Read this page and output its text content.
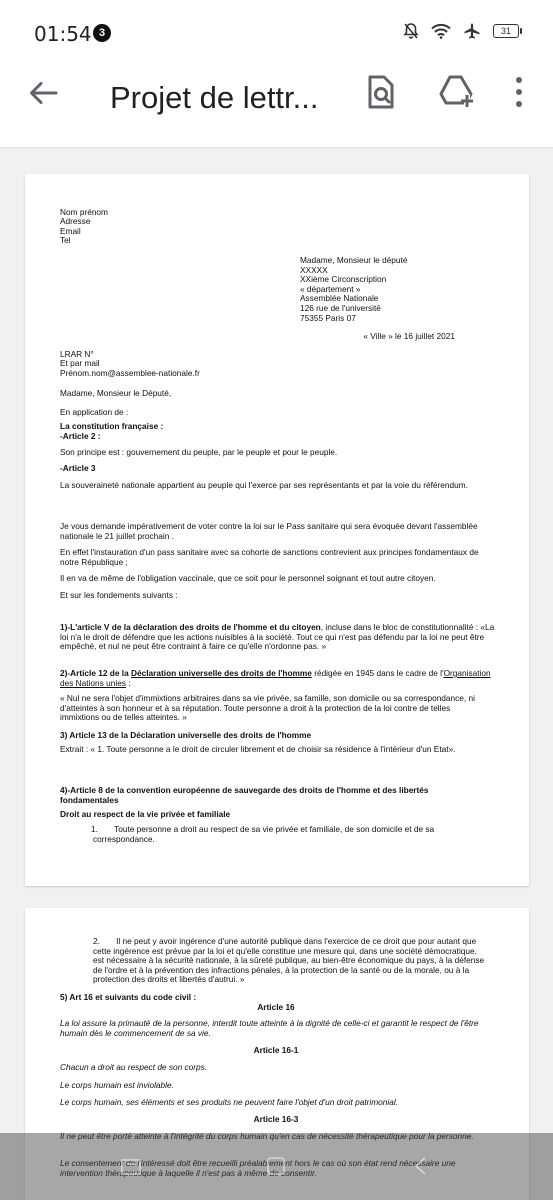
01:54 3	31
Projet de lettr...

Nom prénom

Adresse

Email

Tel

Madame, Monsieur le député

XXXXX

XXième Circonscription

« département »

Assemblée Nationale

126 rue de l'université

75355 Paris 07

« Ville » le 16 juillet 2021

LRAR N°

Et par mail

Prénom.nom@assemblee-nationale.fr

Madame, Monsieur le Député,
En application de :
La constitution française :
-Article 2 :
Son principe est : gouvernement du peuple, par le peuple et pour le peuple.
-Article 3
La souveraineté nationale appartient au peuple qui l'exerce par ses représentants et par la voie du référendum.
Je vous demande impérativement de voter contre la loi sur le Pass sanitaire qui sera évoquée devant l'assemblée nationale le 21 juillet prochain .
En effet l'instauration d'un pass sanitaire avec sa cohorte de sanctions contrevient aux principes fondamentaux de notre République ;
Il en va de même de l'obligation vaccinale, que ce soit pour le personnel soignant et tout autre citoyen.
Et sur les fondements suivants :
1)-L'article V de la déclaration des droits de l'homme et du citoyen, incluse dans le bloc de constitutionnalité : «La loi n'a le droit de défendre que les actions nuisibles à la société. Tout ce qui n'est pas défendu par la loi ne peut être empêché, et nul ne peut être contraint à faire ce qu'elle n'ordonne pas. »
2)-Article 12 de la Déclaration universelle des droits de l'homme rédigée en 1945 dans le cadre de l'Organisation des Nations unies :
« Nul ne sera l'objet d'immixtions arbitraires dans sa vie privée, sa famille, son domicile ou sa correspondance, ni d'atteintes à son honneur et à sa réputation. Toute personne a droit à la protection de la loi contre de telles immixtions ou de telles atteintes. »
3) Article 13 de la Déclaration universelle des droits de l'homme
Extrait : « 1. Toute personne a le droit de circuler librement et de choisir sa résidence à l'intérieur d'un Etat».
4)-Article 8 de la convention européenne de sauvegarde des droits de l'homme et des libertés fondamentales
Droit au respect de la vie privée et familiale
1. Toute personne a droit au respect de sa vie privée et familiale, de son domicile et de sa correspondance.
2. Il ne peut y avoir ingérence d'une autorité publique dans l'exercice de ce droit que pour autant que cette ingérence est prévue par la loi et qu'elle constitue une mesure qui, dans une société démocratique, est nécessaire à la sécurité nationale, à la sûreté publique, au bien-être économique du pays, à la défense de l'ordre et à la prévention des infractions pénales, à la protection de la santé ou de la morale, ou à la protection des droits et libertés d'autrui. »
5) Art 16 et suivants du code civil :
Article 16
La loi assure la primauté de la personne, interdit toute atteinte à la dignité de celle-ci et garantit le respect de l'être humain dès le commencement de sa vie.
Article 16-1
Chacun a droit au respect de son corps.
Le corps humain est inviolable.
Le corps humain, ses éléments et ses produits ne peuvent faire l'objet d'un droit patrimonial.
Article 16-3
Il ne peut être porté atteinte à l'intégrité du corps humain qu'en cas de nécessité thérapeutique pour la personne.
Le consentement de l'intéressé doit être recueilli préalablement hors le cas où son état rend nécessaire une intervention thérapeutique à laquelle il n'est pas à même de consentir.
